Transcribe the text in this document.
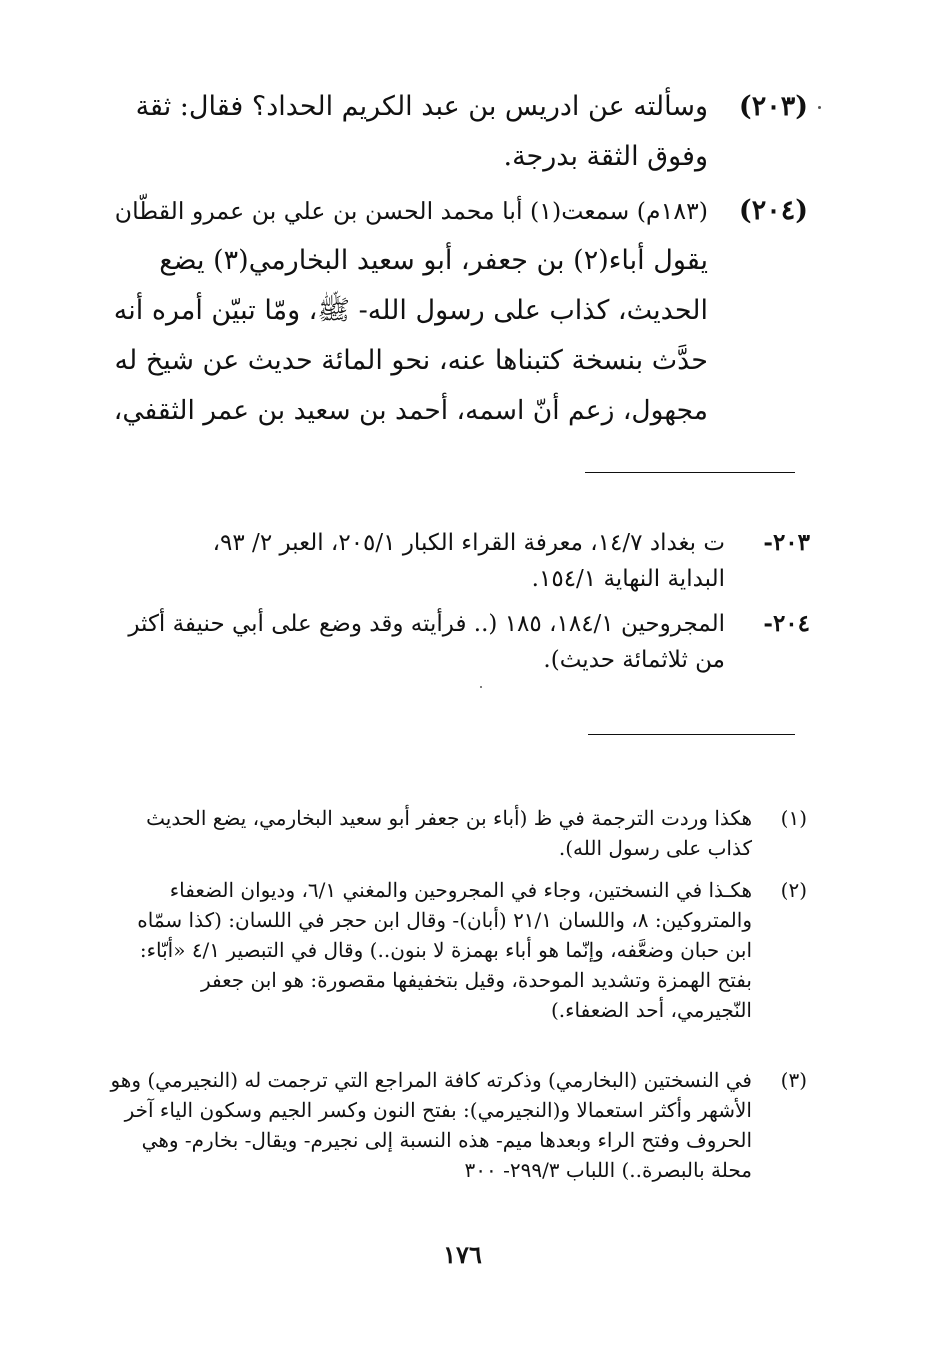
(٢٠٣)
وسألته عن ادريس بن عبد الكريم الحداد؟ فقال: ثقة
وفوق الثقة بدرجة.
(٢٠٤)
(١٨٣م) سمعت(١) أبا محمد الحسن بن علي بن عمرو القطّان
يقول أباء(٢) بن جعفر، أبو سعيد البخارمي(٣) يضع
الحديث، كذاب على رسول الله- ﷺ، ومّا تبيّن أمره أنه
حدَّث بنسخة كتبناها عنه، نحو المائة حديث عن شيخ له
مجهول، زعم أنّ اسمه، أحمد بن سعيد بن عمر الثقفي،
٢٠٣-
ت بغداد ١٤/٧، معرفة القراء الكبار ٢٠٥/١، العبر ٢/ ٩٣،
البداية النهاية ١٥٤/١.
٢٠٤-
المجروحين ١٨٤/١، ١٨٥ (.. فرأيته وقد وضع على أبي حنيفة أكثر
من ثلاثمائة حديث).
(١)
هكذا وردت الترجمة في ظ (أباء بن جعفر أبو سعيد البخارمي، يضع الحديث
كذاب على رسول الله).
(٢)
هكـذا في النسختين، وجاء في المجروحين والمغني ٦/١، وديوان الضعفاء
والمتروكين: ٨، واللسان ٢١/١ (أبان)- وقال ابن حجر في اللسان: (كذا سمّاه
ابن حبان وضعَّفه، وإنّما هو أباء بهمزة لا بنون..) وقال في التبصير ٤/١ «أبّاء:
بفتح الهمزة وتشديد الموحدة، وقيل بتخفيفها مقصورة: هو ابن جعفر
النّجيرمي، أحد الضعفاء.)
(٣)
في النسختين (البخارمي) وذكرته كافة المراجع التي ترجمت له (النجيرمي) وهو
الأشهر وأكثر استعمالا و(النجيرمي): بفتح النون وكسر الجيم وسكون الياء آخر
الحروف وفتح الراء وبعدها ميم- هذه النسبة إلى نجيرم- ويقال- بخارم- وهي
محلة بالبصرة..) اللباب ٢٩٩/٣- ٣٠٠
١٧٦
